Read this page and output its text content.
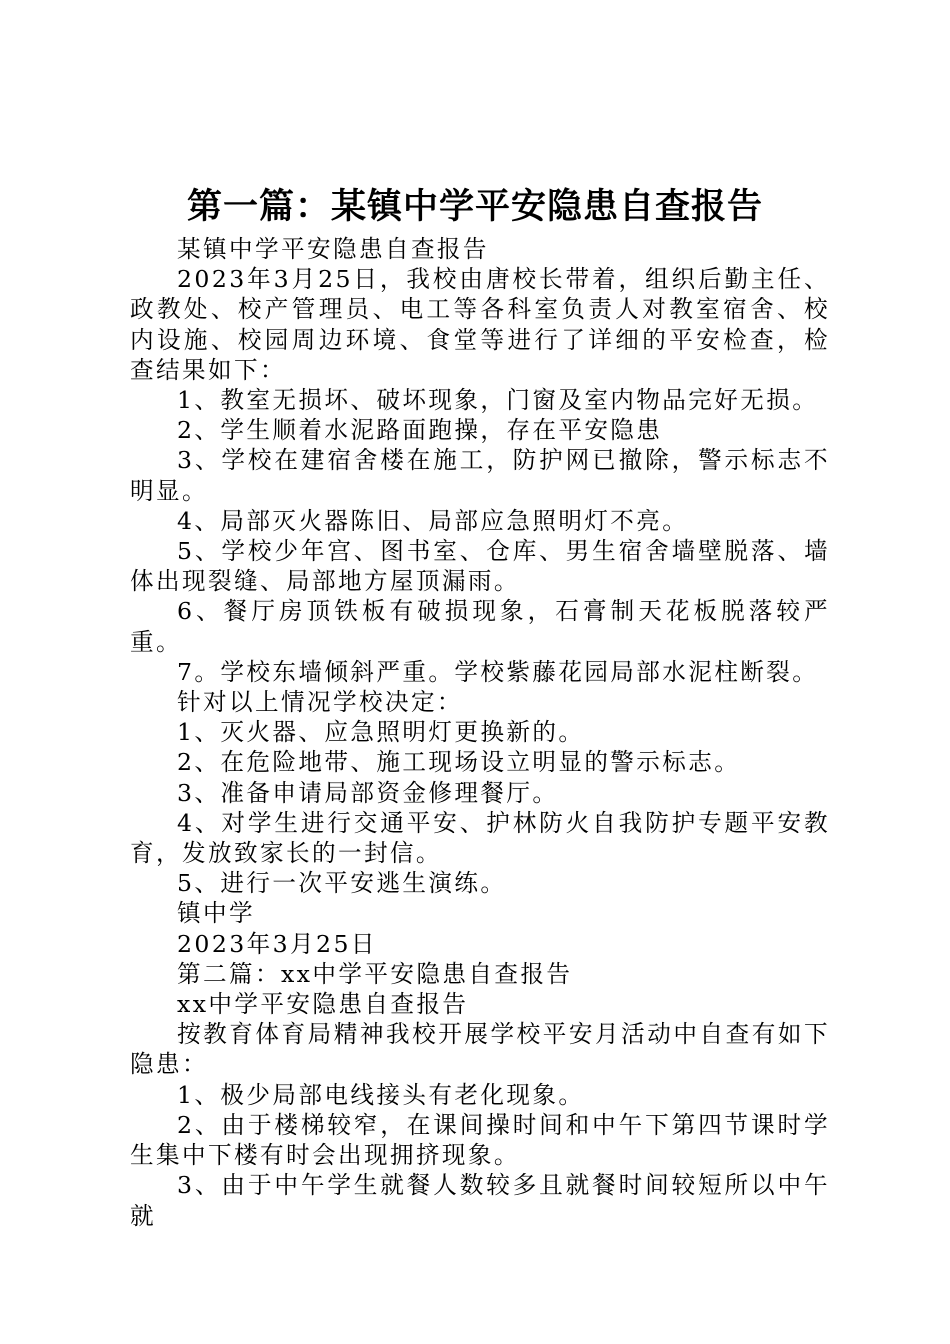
第一篇：某镇中学平安隐患自查报告

某镇中学平安隐患自查报告

2023年3月25日，我校由唐校长带着，组织后勤主任、政教处、校产管理员、电工等各科室负责人对教室宿舍、校内设施、校园周边环境、食堂等进行了详细的平安检查，检查结果如下：

1、教室无损坏、破坏现象，门窗及室内物品完好无损。

2、学生顺着水泥路面跑操，存在平安隐患

3、学校在建宿舍楼在施工，防护网已撤除，警示标志不明显。

4、局部灭火器陈旧、局部应急照明灯不亮。

5、学校少年宫、图书室、仓库、男生宿舍墙壁脱落、墙体出现裂缝、局部地方屋顶漏雨。

6、餐厅房顶铁板有破损现象，石膏制天花板脱落较严重。

7。学校东墙倾斜严重。学校紫藤花园局部水泥柱断裂。

针对以上情况学校决定：

1、灭火器、应急照明灯更换新的。

2、在危险地带、施工现场设立明显的警示标志。

3、准备申请局部资金修理餐厅。

4、对学生进行交通平安、护林防火自我防护专题平安教育，发放致家长的一封信。

5、进行一次平安逃生演练。

镇中学

2023年3月25日

第二篇：xx中学平安隐患自查报告

xx中学平安隐患自查报告

按教育体育局精神我校开展学校平安月活动中自查有如下隐患：

1、极少局部电线接头有老化现象。

2、由于楼梯较窄，在课间操时间和中午下第四节课时学生集中下楼有时会出现拥挤现象。

3、由于中午学生就餐人数较多且就餐时间较短所以中午就
